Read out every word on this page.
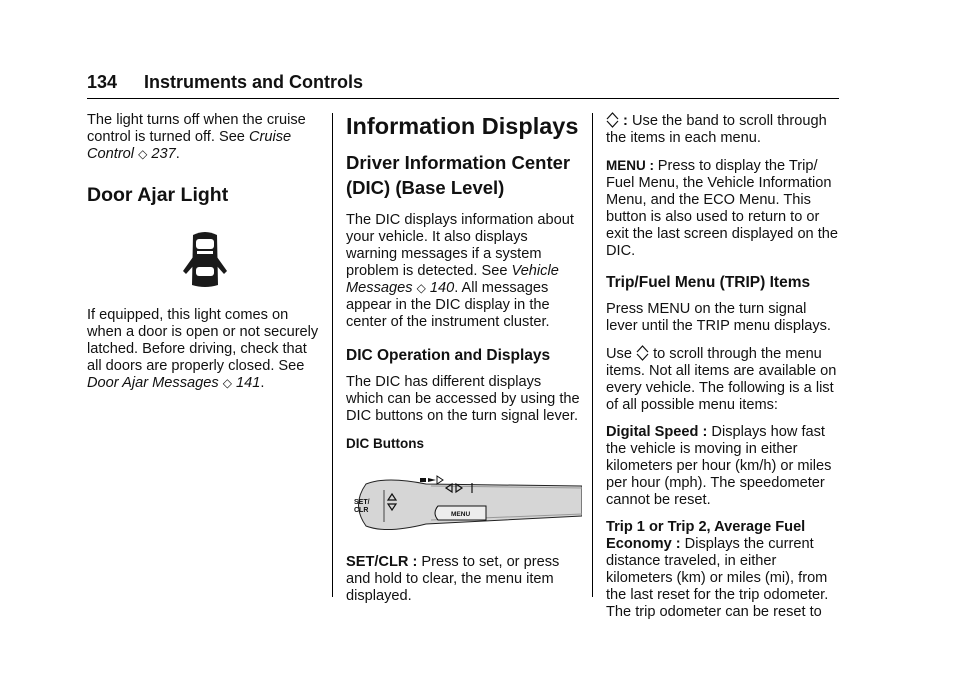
134 Instruments and Controls

The light turns off when the cruise control is turned off. See Cruise Control ◇ 237.

Door Ajar Light

If equipped, this light comes on when a door is open or not securely latched. Before driving, check that all doors are properly closed. See Door Ajar Messages ◇ 141.

Information Displays
Driver Information Center (DIC) (Base Level)

The DIC displays information about your vehicle. It also displays warning messages if a system problem is detected. See Vehicle Messages ◇ 140. All messages appear in the DIC display in the center of the instrument cluster.

DIC Operation and Displays

The DIC has different displays which can be accessed by using the DIC buttons on the turn signal lever.

DIC Buttons
SET/
CLR
MENU

SET/CLR : Press to set, or press and hold to clear, the menu item displayed.

: Use the band to scroll through the items in each menu.

MENU : Press to display the Trip/ Fuel Menu, the Vehicle Information Menu, and the ECO Menu. This button is also used to return to or exit the last screen displayed on the DIC.

Trip/Fuel Menu (TRIP) Items

Press MENU on the turn signal lever until the TRIP menu displays.

Use
to scroll through the menu items. Not all items are available on every vehicle. The following is a list of all possible menu items:

Digital Speed : Displays how fast the vehicle is moving in either kilometers per hour (km/h) or miles per hour (mph). The speedometer cannot be reset.

Trip 1 or Trip 2, Average Fuel Economy : Displays the current distance traveled, in either kilometers (km) or miles (mi), from the last reset for the trip odometer. The trip odometer can be reset to
